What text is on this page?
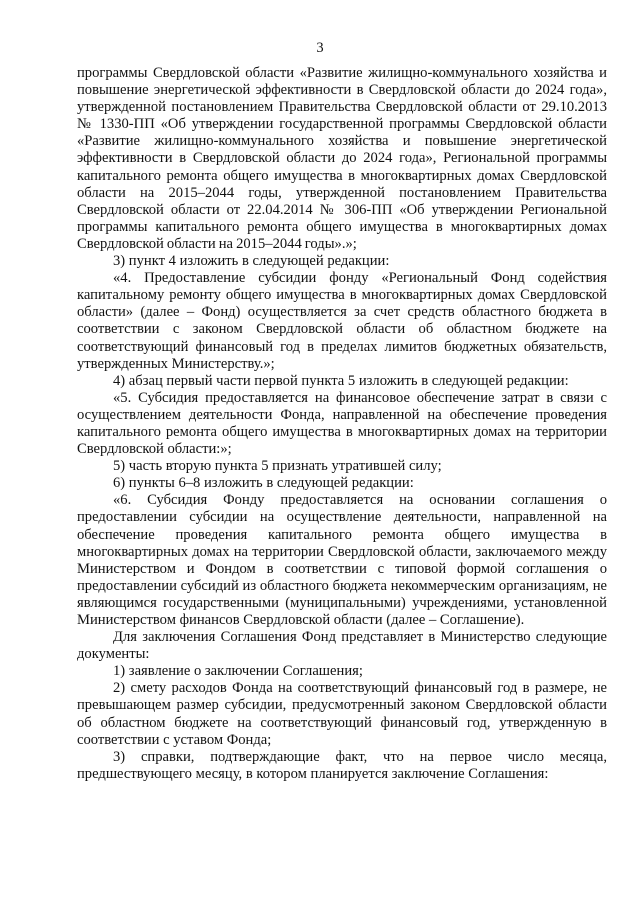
3

программы Свердловской области «Развитие жилищно-коммунального хозяйства и повышение энергетической эффективности в Свердловской области до 2024 года», утвержденной постановлением Правительства Свердловской области от 29.10.2013 № 1330-ПП «Об утверждении государственной программы Свердловской области «Развитие жилищно-коммунального хозяйства и повышение энергетической эффективности в Свердловской области до 2024 года», Региональной программы капитального ремонта общего имущества в многоквартирных домах Свердловской области на 2015–2044 годы, утвержденной постановлением Правительства Свердловской области от 22.04.2014 № 306-ПП «Об утверждении Региональной программы капитального ремонта общего имущества в многоквартирных домах Свердловской области на 2015–2044 годы».»;

3) пункт 4 изложить в следующей редакции:

«4. Предоставление субсидии фонду «Региональный Фонд содействия капитальному ремонту общего имущества в многоквартирных домах Свердловской области» (далее – Фонд) осуществляется за счет средств областного бюджета в соответствии с законом Свердловской области об областном бюджете на соответствующий финансовый год в пределах лимитов бюджетных обязательств, утвержденных Министерству.»;

4) абзац первый части первой пункта 5 изложить в следующей редакции:

«5. Субсидия предоставляется на финансовое обеспечение затрат в связи с осуществлением деятельности Фонда, направленной на обеспечение проведения капитального ремонта общего имущества в многоквартирных домах на территории Свердловской области:»;

5) часть вторую пункта 5 признать утратившей силу;

6) пункты 6–8 изложить в следующей редакции:

«6. Субсидия Фонду предоставляется на основании соглашения о предоставлении субсидии на осуществление деятельности, направленной на обеспечение проведения капитального ремонта общего имущества в многоквартирных домах на территории Свердловской области, заключаемого между Министерством и Фондом в соответствии с типовой формой соглашения о предоставлении субсидий из областного бюджета некоммерческим организациям, не являющимся государственными (муниципальными) учреждениями, установленной Министерством финансов Свердловской области (далее – Соглашение).

Для заключения Соглашения Фонд представляет в Министерство следующие документы:

1) заявление о заключении Соглашения;

2) смету расходов Фонда на соответствующий финансовый год в размере, не превышающем размер субсидии, предусмотренный законом Свердловской области об областном бюджете на соответствующий финансовый год, утвержденную в соответствии с уставом Фонда;

3) справки, подтверждающие факт, что на первое число месяца, предшествующего месяцу, в котором планируется заключение Соглашения:
